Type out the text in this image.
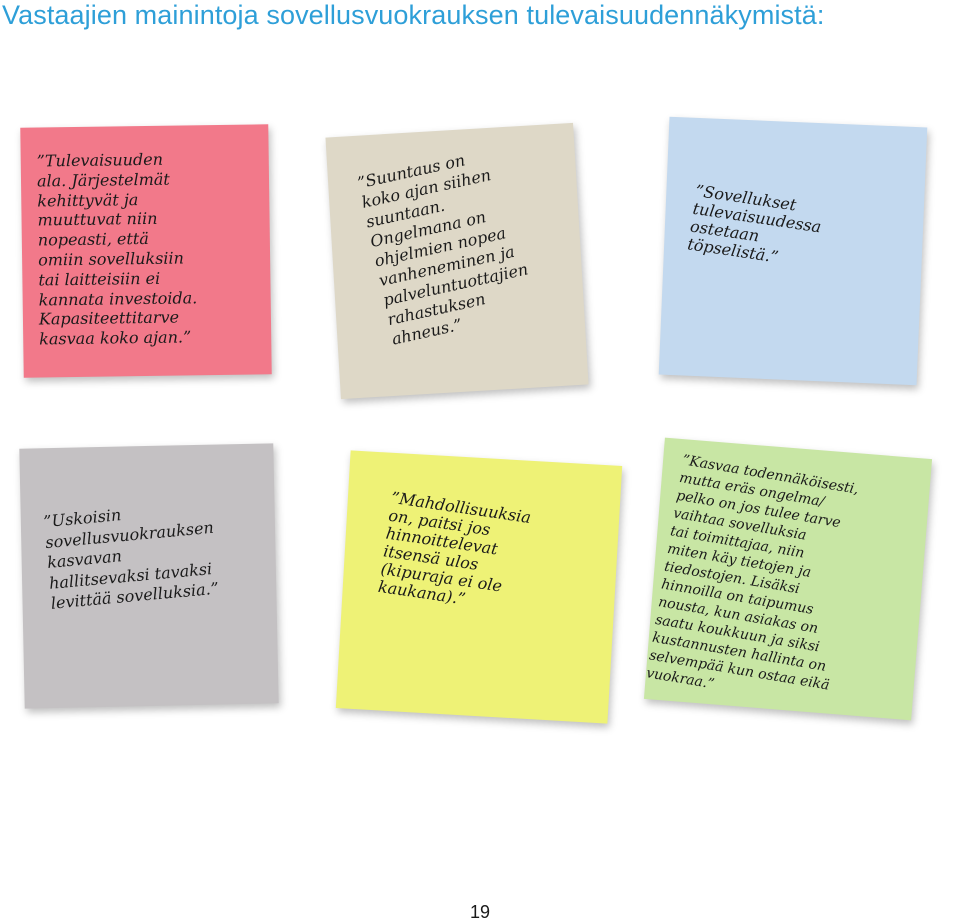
Vastaajien mainintoja sovellusvuokrauksen tulevaisuudennäkymistä:
”Tulevaisuuden
ala. Järjestelmät
kehittyvät ja
muuttuvat niin
nopeasti, että
omiin sovelluksiin
tai laitteisiin ei
kannata investoida.
Kapasiteettitarve
kasvaa koko ajan.”
”Suuntaus on
koko ajan siihen
suuntaan.
Ongelmana on
ohjelmien nopea
vanheneminen ja
palveluntuottajien
rahastuksen
ahneus.”
”Sovellukset
tulevaisuudessa
ostetaan
töpselistä.”
”Uskoisin
sovellusvuokrauksen
kasvavan
hallitsevaksi tavaksi
levittää sovelluksia.”
”Mahdollisuuksia
on, paitsi jos
hinnoittelevat
itsensä ulos
(kipuraja ei ole
kaukana).”
”Kasvaa todennäköisesti,
mutta eräs ongelma/
pelko on jos tulee tarve
vaihtaa sovelluksia
tai toimittajaa, niin
miten käy tietojen ja
tiedostojen. Lisäksi
hinnoilla on taipumus
nousta, kun asiakas on
saatu koukkuun ja siksi
kustannusten hallinta on
selvempää kun ostaa eikä
vuokraa.”
19
